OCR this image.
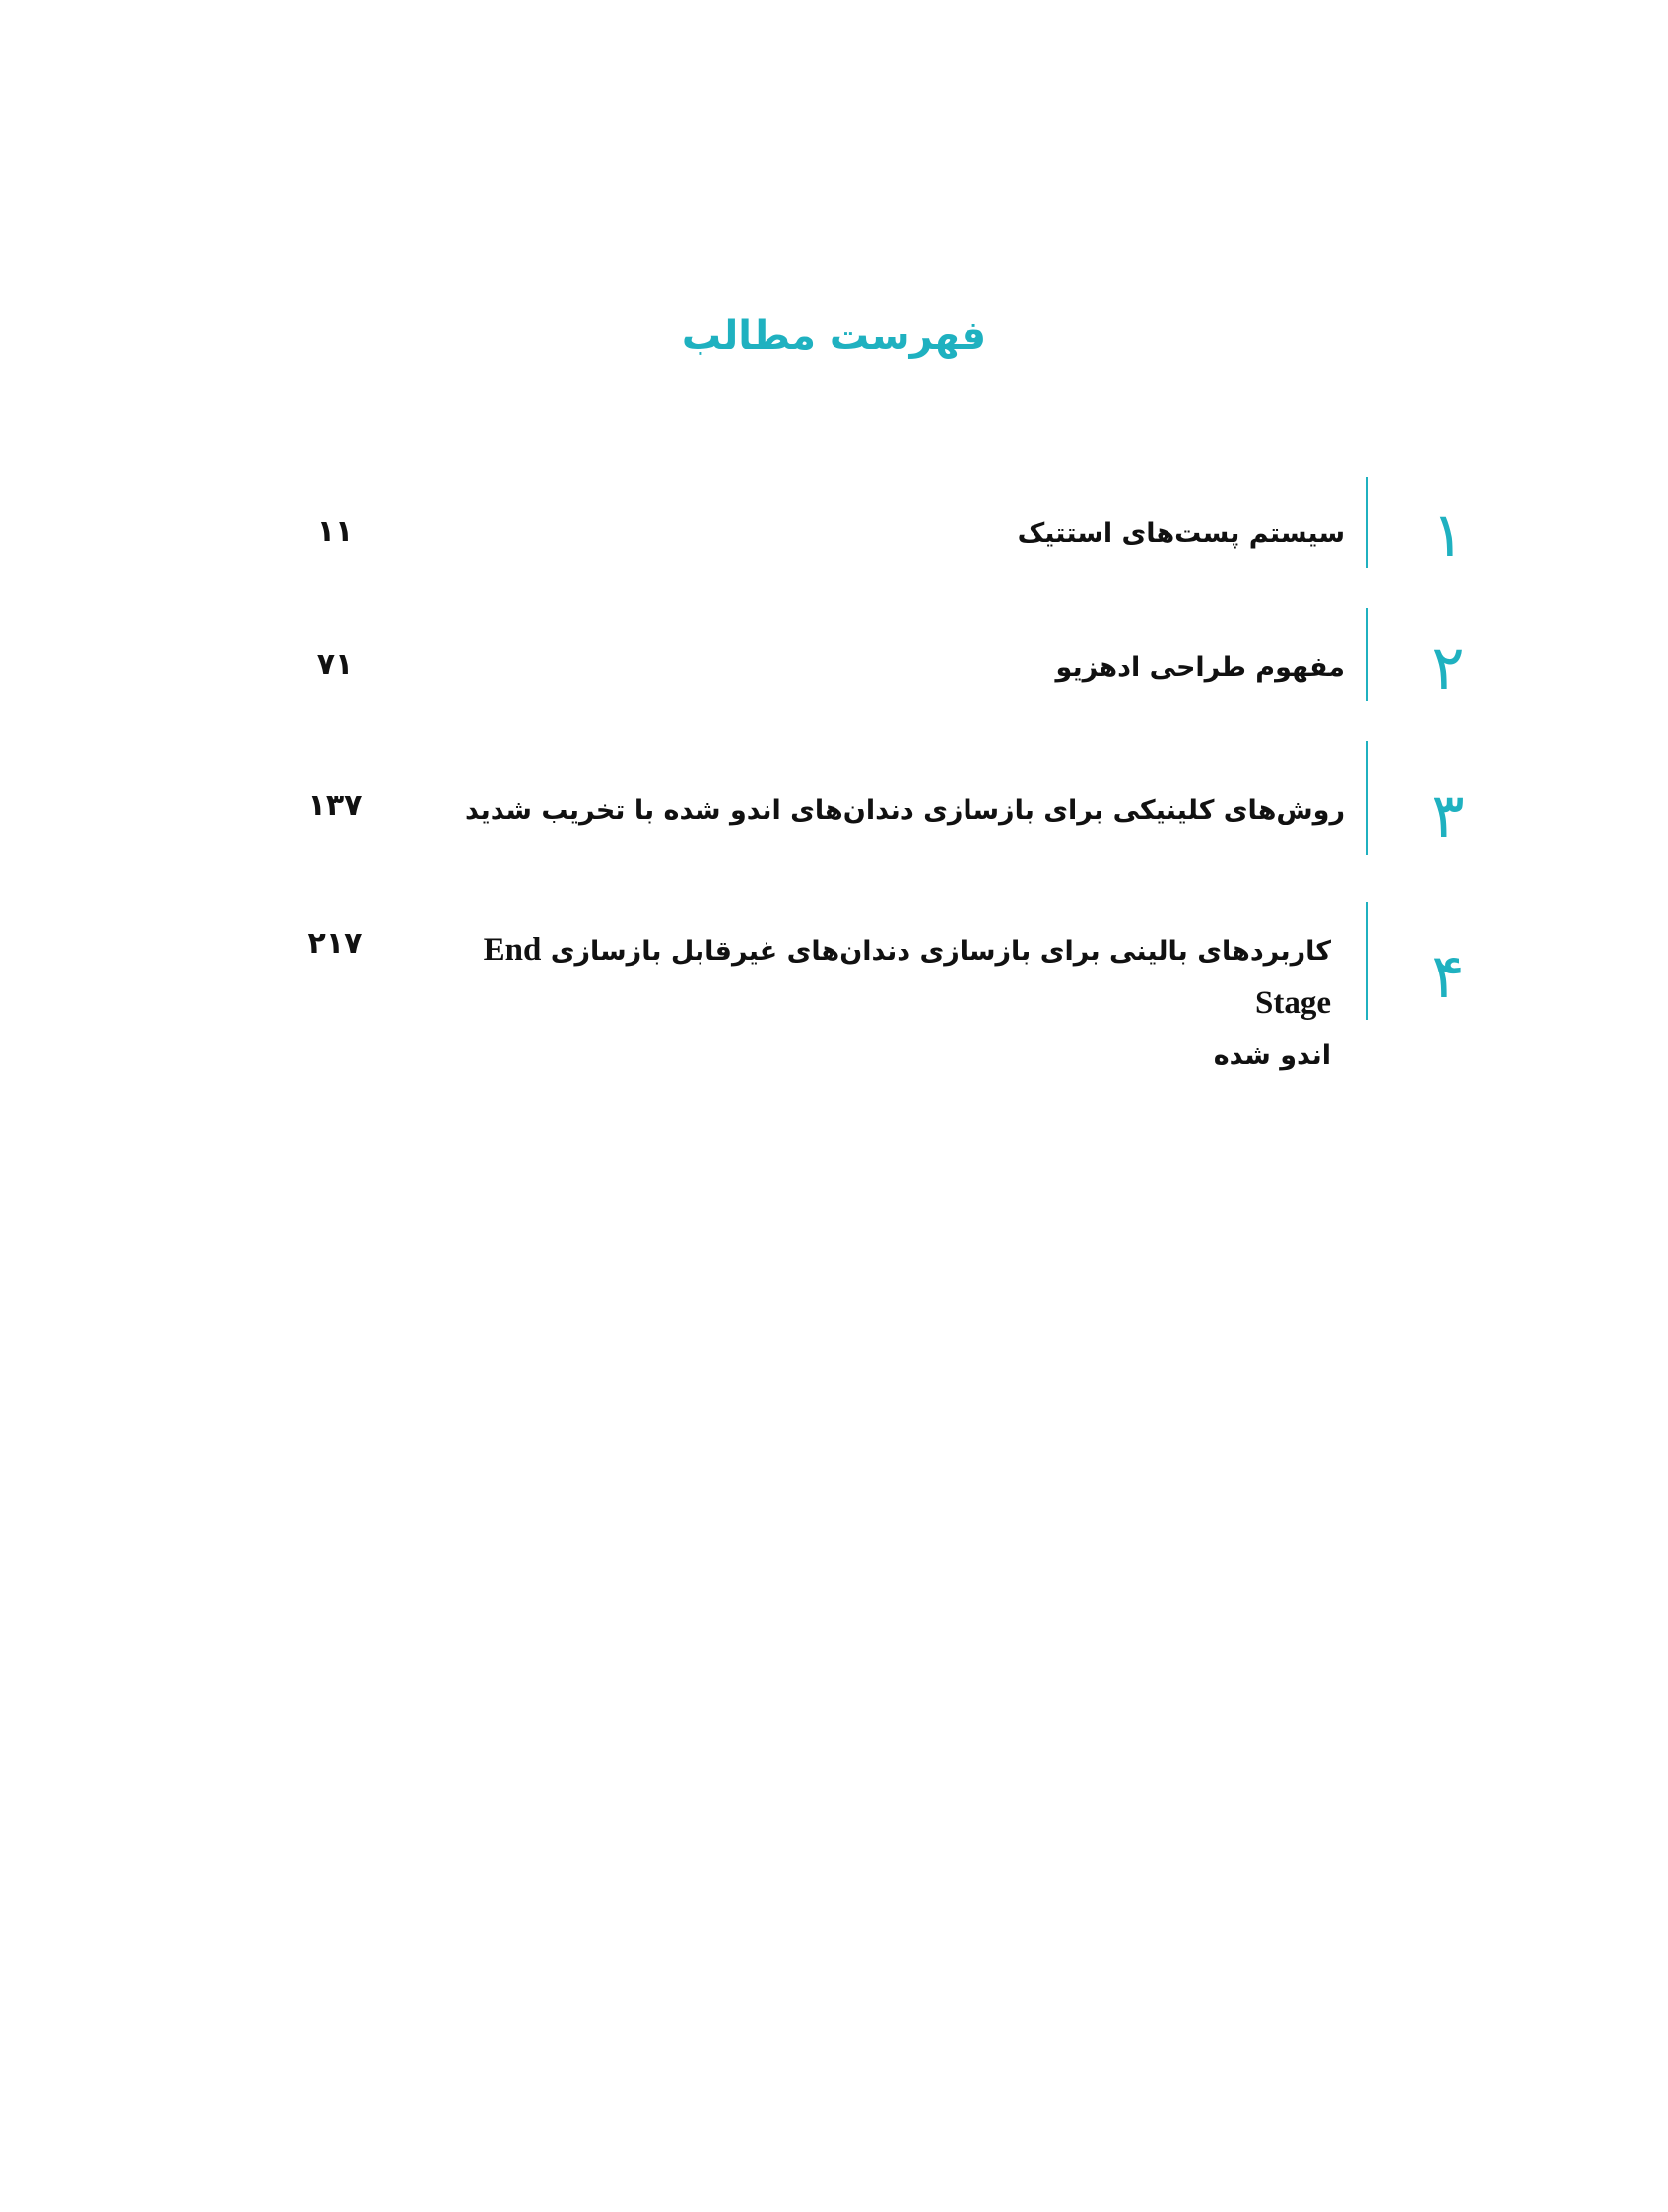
فهرست مطالب
۱
سیستم پست‌های استتیک
۱۱
۲
مفهوم طراحی ادهزیو
۷۱
۳
روش‌های کلینیکی برای بازسازی دندان‌های اندو شده با تخریب شدید
۱۳۷
۴
کاربردهای بالینی برای بازسازی دندان‌های غیرقابل بازسازی End Stage
اندو شده
۲۱۷
